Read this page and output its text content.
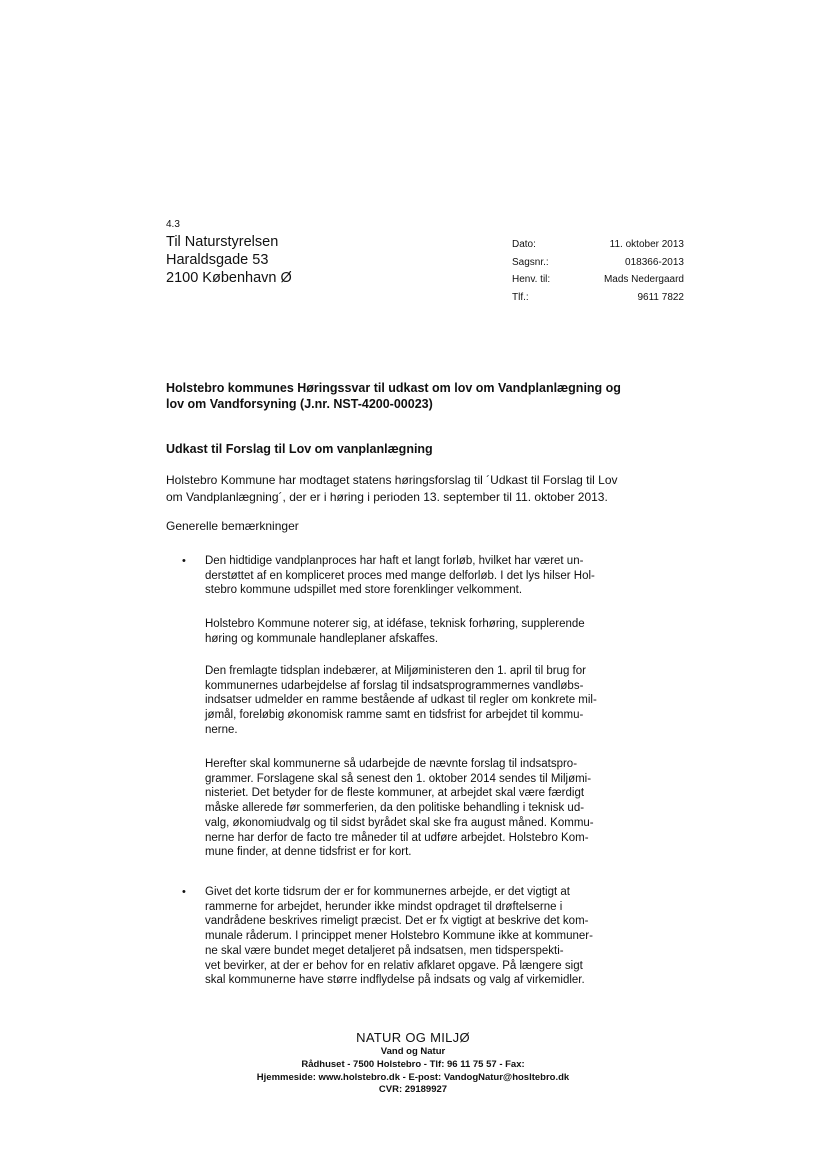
4.3
Til Naturstyrelsen
Haraldsgade 53
2100 København Ø
Dato:	11. oktober 2013
Sagsnr.:	018366-2013
Henv. til:	Mads Nedergaard
Tlf.:	9611 7822
Holstebro kommunes Høringssvar til udkast om lov om Vandplanlægning og
lov om Vandforsyning (J.nr. NST-4200-00023)
Udkast til Forslag til Lov om vanplanlægning
Holstebro Kommune har modtaget statens høringsforslag til ´Udkast til Forslag til Lov
om Vandplanlægning´, der er i høring i perioden 13. september til 11. oktober 2013.
Generelle bemærkninger
• Den hidtidige vandplanproces har haft et langt forløb, hvilket har været un-
derstøttet af en kompliceret proces med mange delforløb. I det lys hilser Hol-
stebro kommune udspillet med store forenklinger velkomment.
Holstebro Kommune noterer sig, at idéfase, teknisk forhøring, supplerende
høring og kommunale handleplaner afskaffes.
Den fremlagte tidsplan indebærer, at Miljøministeren den 1. april til brug for
kommunernes udarbejdelse af forslag til indsatsprogrammernes vandløbs-
indsatser udmelder en ramme bestående af udkast til regler om konkrete mil-
jømål, foreløbig økonomisk ramme samt en tidsfrist for arbejdet til kommu-
nerne.
Herefter skal kommunerne så udarbejde de nævnte forslag til indsatspro-
grammer. Forslagene skal så senest den 1. oktober 2014 sendes til Miljømi-
nisteriet. Det betyder for de fleste kommuner, at arbejdet skal være færdigt
måske allerede før sommerferien, da den politiske behandling i teknisk ud-
valg, økonomiudvalg og til sidst byrådet skal ske fra august måned. Kommu-
nerne har derfor de facto tre måneder til at udføre arbejdet. Holstebro Kom-
mune finder, at denne tidsfrist er for kort.
• Givet det korte tidsrum der er for kommunernes arbejde, er det vigtigt at
rammerne for arbejdet, herunder ikke mindst opdraget til drøftelserne i
vandrådene beskrives rimeligt præcist. Det er fx vigtigt at beskrive det kom-
munale råderum. I princippet mener Holstebro Kommune ikke at kommuner-
ne skal være bundet meget detaljeret på indsatsen, men tidsperspekti-
vet bevirker, at der er behov for en relativ afklaret opgave. På længere sigt
skal kommunerne have større indflydelse på indsats og valg af virkemidler.
NATUR OG MILJØ
Vand og Natur
Rådhuset - 7500 Holstebro - Tlf: 96 11 75 57 - Fax:
Hjemmeside: www.holstebro.dk - E-post: VandogNatur@hosltebro.dk
CVR: 29189927
